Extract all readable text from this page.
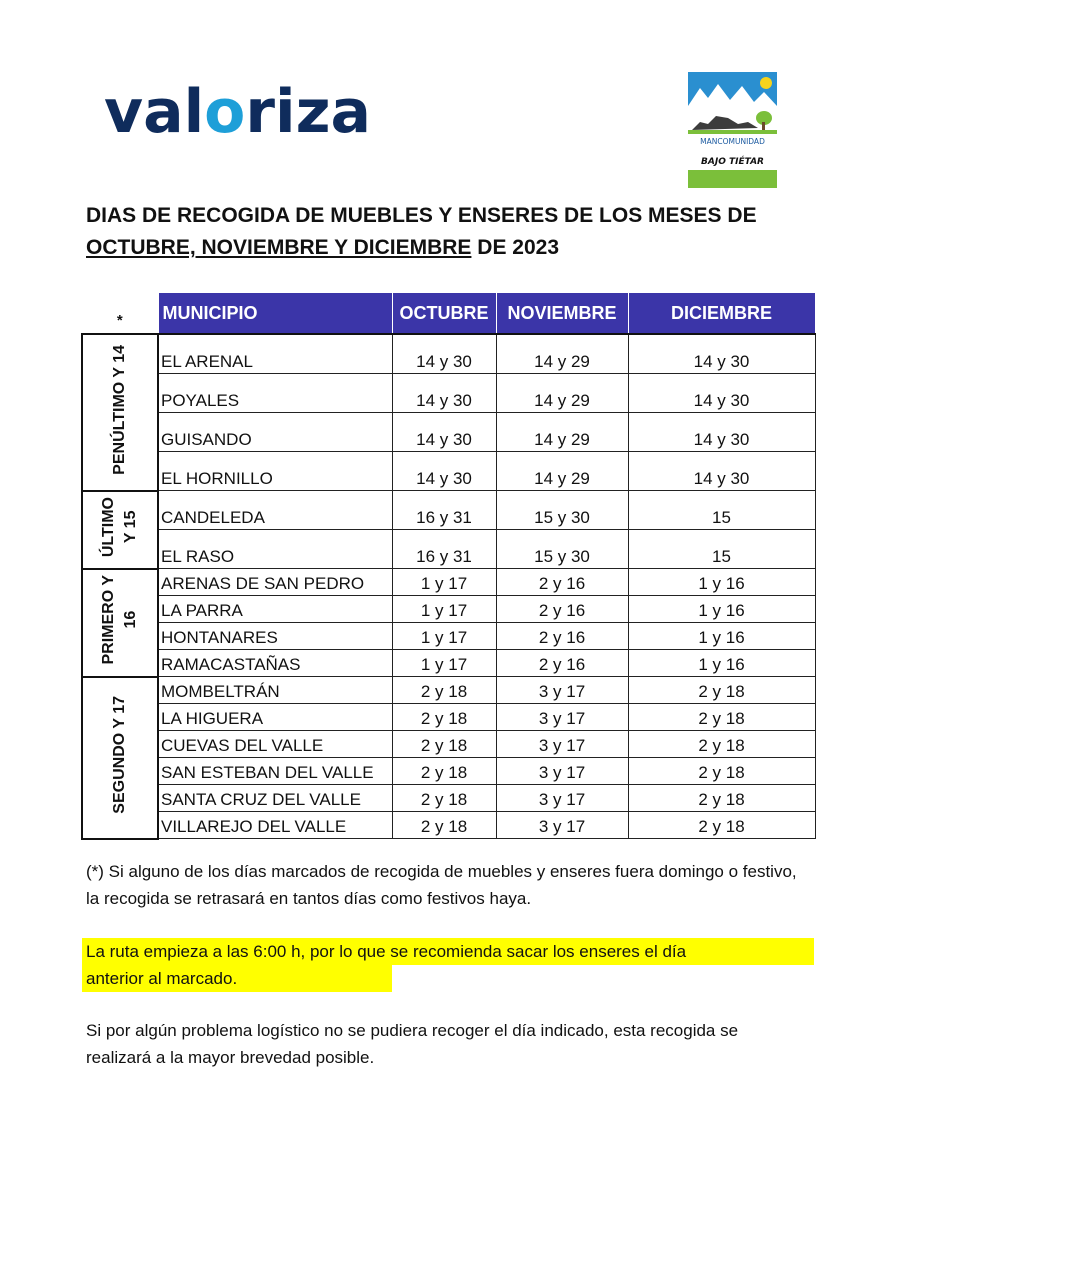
valoriza	MANCOMUNIDAD
BAJO TIÉTAR
DIAS DE RECOGIDA DE MUEBLES Y ENSERES DE LOS MESES DE
OCTUBRE, NOVIEMBRE Y DICIEMBRE DE 2023
*	MUNICIPIO	OCTUBRE	NOVIEMBRE	DICIEMBRE
PENÚLTIMO Y 14	EL ARENAL	14 y 30	14 y 29	14 y 30
	POYALES	14 y 30	14 y 29	14 y 30
	GUISANDO	14 y 30	14 y 29	14 y 30
	EL HORNILLO	14 y 30	14 y 29	14 y 30
ÚLTIMO
Y 15	CANDELEDA	16 y 31	15 y 30	15
	EL RASO	16 y 31	15 y 30	15
PRIMERO Y
16	ARENAS DE SAN PEDRO	1 y 17	2 y 16	1 y 16
	LA PARRA	1 y 17	2 y 16	1 y 16
	HONTANARES	1 y 17	2 y 16	1 y 16
	RAMACASTAÑAS	1 y 17	2 y 16	1 y 16
SEGUNDO Y 17	MOMBELTRÁN	2 y 18	3 y 17	2 y 18
	LA HIGUERA	2 y 18	3 y 17	2 y 18
	CUEVAS DEL VALLE	2 y 18	3 y 17	2 y 18
	SAN ESTEBAN DEL VALLE	2 y 18	3 y 17	2 y 18
	SANTA CRUZ DEL VALLE	2 y 18	3 y 17	2 y 18
	VILLAREJO DEL VALLE	2 y 18	3 y 17	2 y 18
(*) Si alguno de los días marcados de recogida de muebles y enseres fuera domingo o festivo, la recogida se retrasará en tantos días como festivos haya.
La ruta empieza a las 6:00 h, por lo que se recomienda sacar los enseres el día
anterior al marcado.
Si por algún problema logístico no se pudiera recoger el día indicado, esta recogida se realizará a la mayor brevedad posible.
